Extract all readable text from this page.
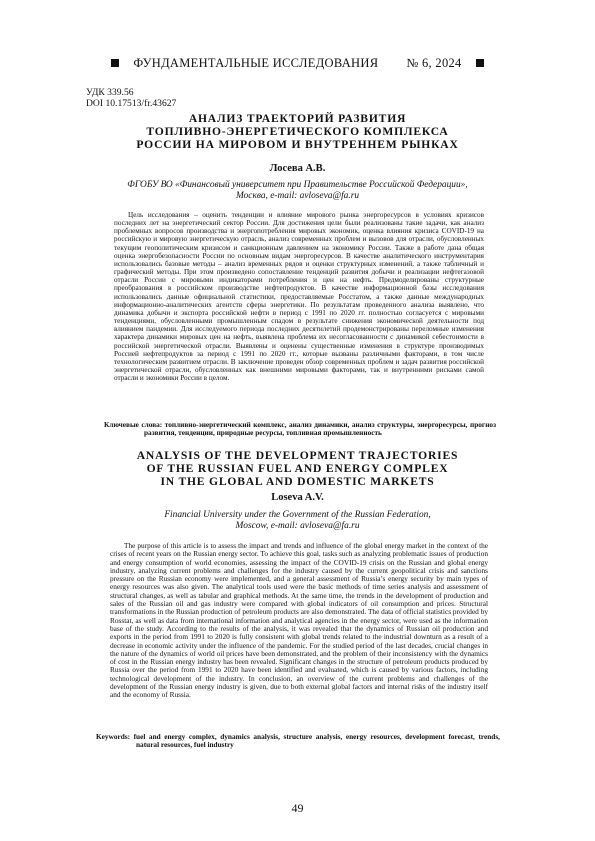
ФУНДАМЕНТАЛЬНЫЕ ИССЛЕДОВАНИЯ № 6, 2024
УДК 339.56
DOI 10.17513/fr.43627
АНАЛИЗ ТРАЕКТОРИЙ РАЗВИТИЯ
ТОПЛИВНО-ЭНЕРГЕТИЧЕСКОГО КОМПЛЕКСА
РОССИИ НА МИРОВОМ И ВНУТРЕННЕМ РЫНКАХ
Лосева А.В.
ФГОБУ ВО «Финансовый университет при Правительстве Российской Федерации»,
Москва, e-mail: avloseva@fa.ru

Цель исследования – оценить тенденции и влияние мирового рынка энергоресурсов в условиях кризисов последних лет на энергетический сектор России. Для достижения цели были реализованы такие задачи, как анализ проблемных вопросов производства и энергопотребления мировых экономик, оценка влияния кризиса COVID-19 на российскую и мировую энергетическую отрасль, анализ современных проблем и вызовов для отрасли, обусловленных текущим геополитическим кризисом и санкционным давлением на экономику России. Также в работе дана общая оценка энергобезопасности России по основным видам энергоресурсов. В качестве аналитического инструментария использовались базовые методы – анализ временных рядов и оценки структурных изменений, а также табличный и графический методы. При этом произведено сопоставление тенденций развития добычи и реализации нефтегазовой отрасли России с мировыми индикаторами потребления и цен на нефть. Предмоделированы структурные преобразования в российском производстве нефтепродуктов. В качестве информационной базы исследования использовались данные официальной статистики, предоставляемые Росстатом, а также данные международных информационно-аналитических агентств сферы энергетики. По результатам проведенного анализа выявлено, что динамика добычи и экспорта российской нефти в период с 1991 по 2020 гг. полностью согласуется с мировыми тенденциями, обусловленными промышленным спадом в результате снижения экономической деятельности под влиянием пандемии. Для исследуемого периода последних десятилетий продемонстрированы переломные изменения характера динамики мировых цен на нефть, выявлена проблема их несогласованности с динамикой себестоимости в российской энергетической отрасли. Выявлены и оценены существенные изменения в структуре производимых Россией нефтепродуктов за период с 1991 по 2020 гг., которые вызваны различными факторами, в том числе технологическим развитием отрасли. В заключение проведен обзор современных проблем и задач развития российской энергетической отрасли, обусловленных как внешними мировыми факторами, так и внутренними рисками самой отрасли и экономики России в целом.

Ключевые слова: топливно-энергетический комплекс, анализ динамики, анализ структуры, энергоресурсы, прогноз развития, тенденции, природные ресурсы, топливная промышленность

ANALYSIS OF THE DEVELOPMENT TRAJECTORIES
OF THE RUSSIAN FUEL AND ENERGY COMPLEX
IN THE GLOBAL AND DOMESTIC MARKETS
Loseva A.V.
Financial University under the Government of the Russian Federation,
Moscow, e-mail: avloseva@fa.ru

The purpose of this article is to assess the impact and trends and influence of the global energy market in the context of the crises of recent years on the Russian energy sector. To achieve this goal, tasks such as analyzing problematic issues of production and energy consumption of world economies, assessing the impact of the COVID-19 crisis on the Russian and global energy industry, analyzing current problems and challenges for the industry caused by the current geopolitical crisis and sanctions pressure on the Russian economy were implemented, and a general assessment of Russia’s energy security by main types of energy resources was also given. The analytical tools used were the basic methods of time series analysis and assessment of structural changes, as well as tabular and graphical methods. At the same time, the trends in the development of production and sales of the Russian oil and gas industry were compared with global indicators of oil consumption and prices. Structural transformations in the Russian production of petroleum products are also demonstrated. The data of official statistics provided by Rosstat, as well as data from international information and analytical agencies in the energy sector, were used as the information base of the study. According to the results of the analysis, it was revealed that the dynamics of Russian oil production and exports in the period from 1991 to 2020 is fully consistent with global trends related to the industrial downturn as a result of a decrease in economic activity under the influence of the pandemic. For the studied period of the last decades, crucial changes in the nature of the dynamics of world oil prices have been demonstrated, and the problem of their inconsistency with the dynamics of cost in the Russian energy industry has been revealed. Significant changes in the structure of petroleum products produced by Russia over the period from 1991 to 2020 have been identified and evaluated, which is caused by various factors, including technological development of the industry. In conclusion, an overview of the current problems and challenges of the development of the Russian energy industry is given, due to both external global factors and internal risks of the industry itself and the economy of Russia.

Keywords: fuel and energy complex, dynamics analysis, structure analysis, energy resources, development forecast, trends, natural resources, fuel industry

49
